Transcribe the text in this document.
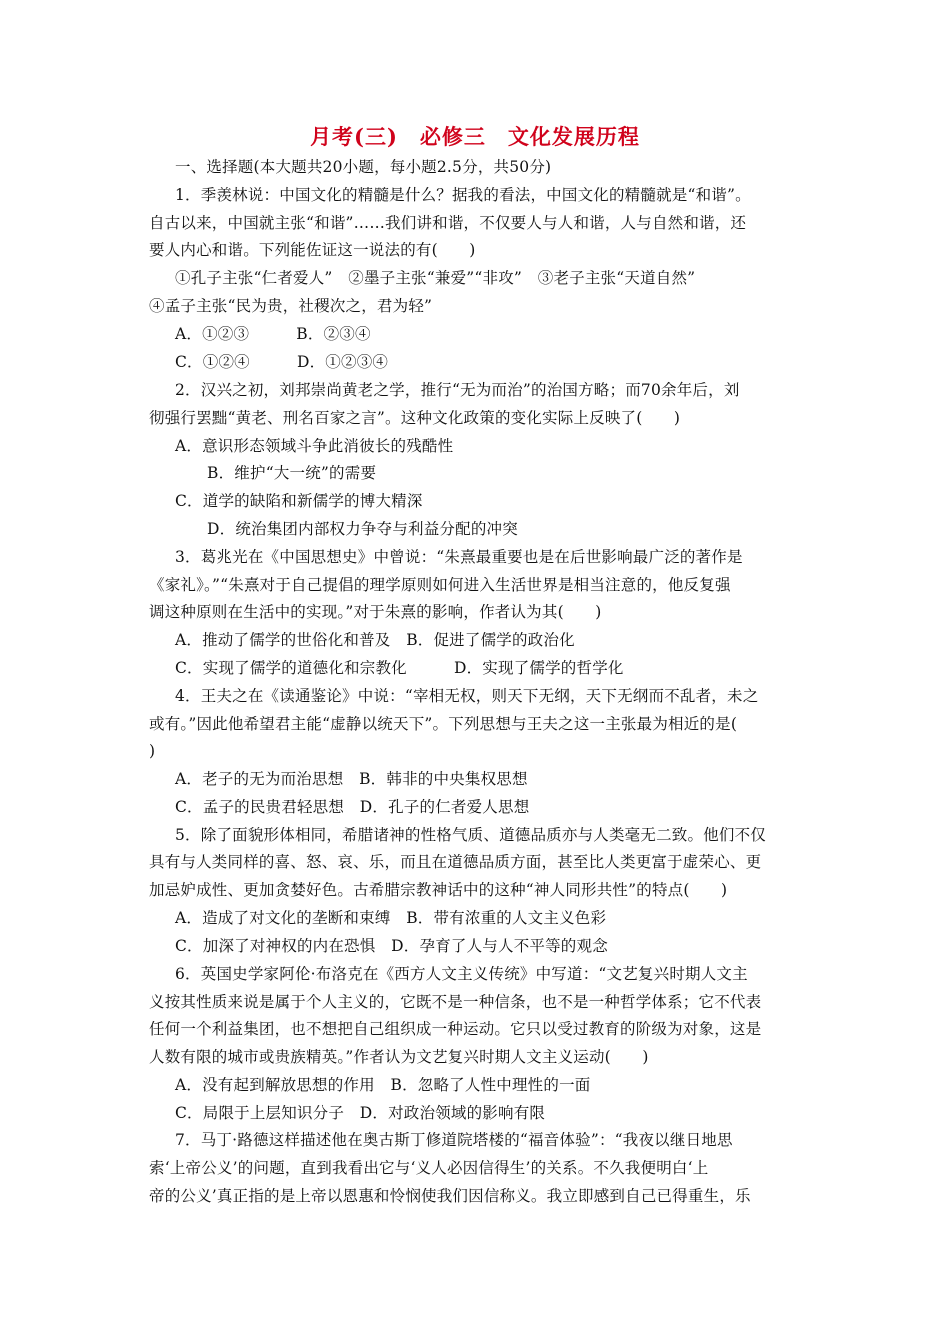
月考(三)　必修三　文化发展历程
一、选择题(本大题共20小题，每小题2.5分，共50分)
1．季羡林说：中国文化的精髓是什么？据我的看法，中国文化的精髓就是“和谐”。
自古以来，中国就主张“和谐”……我们讲和谐，不仅要人与人和谐，人与自然和谐，还
要人内心和谐。下列能佐证这一说法的有(　　)
①孔子主张“仁者爱人”　②墨子主张“兼爱”“非攻”　③老子主张“天道自然”
④孟子主张“民为贵，社稷次之，君为轻”
A．①②③　　　B．②③④
C．①②④　　　D．①②③④
2．汉兴之初，刘邦崇尚黄老之学，推行“无为而治”的治国方略；而70余年后，刘
彻强行罢黜“黄老、刑名百家之言”。这种文化政策的变化实际上反映了(　　)
A．意识形态领域斗争此消彼长的残酷性
B．维护“大一统”的需要
C．道学的缺陷和新儒学的博大精深
D．统治集团内部权力争夺与利益分配的冲突
3．葛兆光在《中国思想史》中曾说：“朱熹最重要也是在后世影响最广泛的著作是
《家礼》。”“朱熹对于自己提倡的理学原则如何进入生活世界是相当注意的，他反复强
调这种原则在生活中的实现。”对于朱熹的影响，作者认为其(　　)
A．推动了儒学的世俗化和普及　B．促进了儒学的政治化
C．实现了儒学的道德化和宗教化　　　D．实现了儒学的哲学化
4．王夫之在《读通鉴论》中说：“宰相无权，则天下无纲，天下无纲而不乱者，未之
或有。”因此他希望君主能“虚静以统天下”。下列思想与王夫之这一主张最为相近的是(
)
A．老子的无为而治思想　B．韩非的中央集权思想
C．孟子的民贵君轻思想　D．孔子的仁者爱人思想
5．除了面貌形体相同，希腊诸神的性格气质、道德品质亦与人类毫无二致。他们不仅
具有与人类同样的喜、怒、哀、乐，而且在道德品质方面，甚至比人类更富于虚荣心、更
加忌妒成性、更加贪婪好色。古希腊宗教神话中的这种“神人同形共性”的特点(　　)
A．造成了对文化的垄断和束缚　B．带有浓重的人文主义色彩
C．加深了对神权的内在恐惧　D．孕育了人与人不平等的观念
6．英国史学家阿伦·布洛克在《西方人文主义传统》中写道：“文艺复兴时期人文主
义按其性质来说是属于个人主义的，它既不是一种信条，也不是一种哲学体系；它不代表
任何一个利益集团，也不想把自己组织成一种运动。它只以受过教育的阶级为对象，这是
人数有限的城市或贵族精英。”作者认为文艺复兴时期人文主义运动(　　)
A．没有起到解放思想的作用　B．忽略了人性中理性的一面
C．局限于上层知识分子　D．对政治领域的影响有限
7．马丁·路德这样描述他在奥古斯丁修道院塔楼的“福音体验”：“我夜以继日地思
索‘上帝公义’的问题，直到我看出它与‘义人必因信得生’的关系。不久我便明白‘上
帝的公义’真正指的是上帝以恩惠和怜悯使我们因信称义。我立即感到自己已得重生，乐
